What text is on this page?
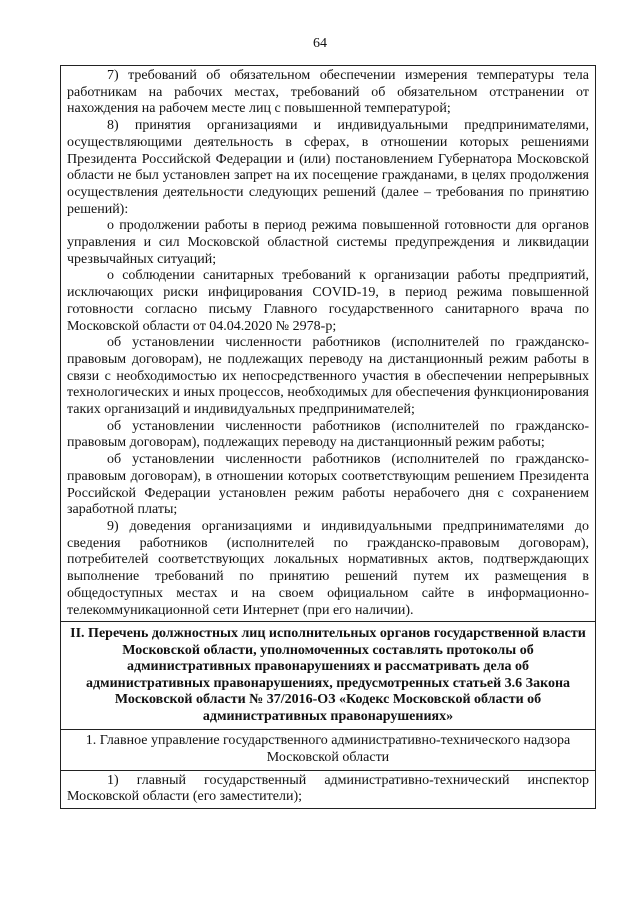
64

7) требований об обязательном обеспечении измерения температуры тела работникам на рабочих местах, требований об обязательном отстранении от нахождения на рабочем месте лиц с повышенной температурой;

8) принятия организациями и индивидуальными предпринимателями, осуществляющими деятельность в сферах, в отношении которых решениями Президента Российской Федерации и (или) постановлением Губернатора Московской области не был установлен запрет на их посещение гражданами, в целях продолжения осуществления деятельности следующих решений (далее – требования по принятию решений):

о продолжении работы в период режима повышенной готовности для органов управления и сил Московской областной системы предупреждения и ликвидации чрезвычайных ситуаций;

о соблюдении санитарных требований к организации работы предприятий, исключающих риски инфицирования COVID-19, в период режима повышенной готовности согласно письму Главного государственного санитарного врача по Московской области от 04.04.2020 № 2978-р;

об установлении численности работников (исполнителей по гражданско-правовым договорам), не подлежащих переводу на дистанционный режим работы в связи с необходимостью их непосредственного участия в обеспечении непрерывных технологических и иных процессов, необходимых для обеспечения функционирования таких организаций и индивидуальных предпринимателей;

об установлении численности работников (исполнителей по гражданско-правовым договорам), подлежащих переводу на дистанционный режим работы;

об установлении численности работников (исполнителей по гражданско-правовым договорам), в отношении которых соответствующим решением Президента Российской Федерации установлен режим работы нерабочего дня с сохранением заработной платы;

9) доведения организациями и индивидуальными предпринимателями до сведения работников (исполнителей по гражданско-правовым договорам), потребителей соответствующих локальных нормативных актов, подтверждающих выполнение требований по принятию решений путем их размещения в общедоступных местах и на своем официальном сайте в информационно-телекоммуникационной сети Интернет (при его наличии).

II. Перечень должностных лиц исполнительных органов государственной власти Московской области, уполномоченных составлять протоколы об административных правонарушениях и рассматривать дела об административных правонарушениях, предусмотренных статьей 3.6 Закона Московской области № 37/2016-ОЗ «Кодекс Московской области об административных правонарушениях»

1. Главное управление государственного административно-технического надзора Московской области

1) главный государственный административно-технический инспектор Московской области (его заместители);
